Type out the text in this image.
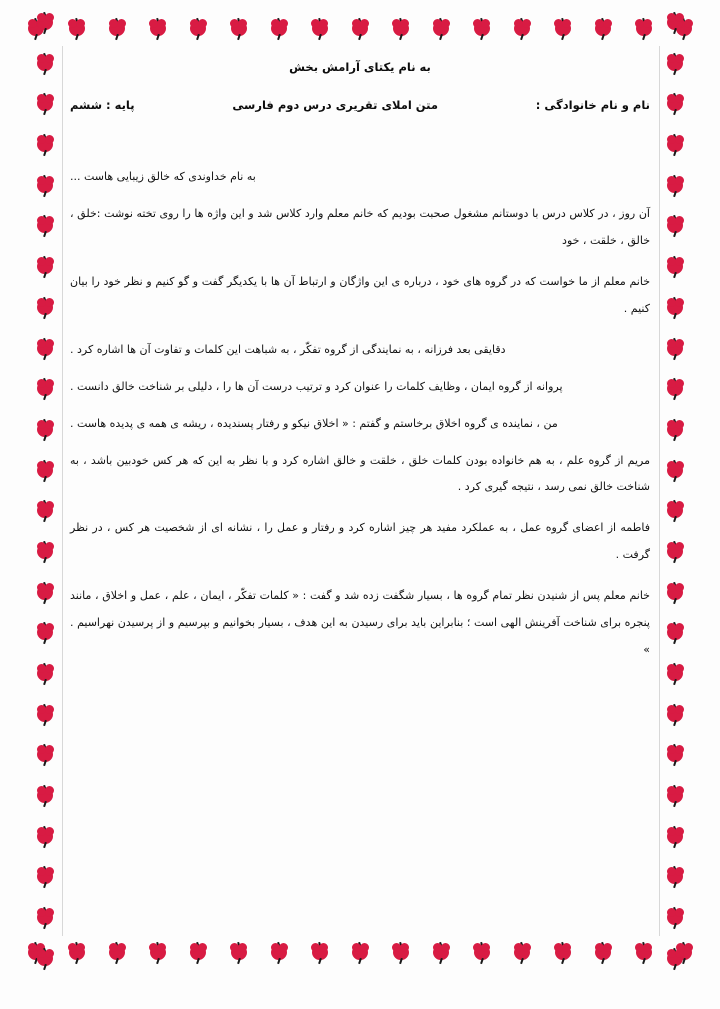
به نام یکتای آرامش بخش
نام و نام خانوادگی :
متن املای تقریری درس دوم فارسی
پایه : ششم

به نام خداوندی که خالق زیبایی هاست ...

آن روز ، در کلاس درس با دوستانم مشغول صحبت بودیم که خانم معلم وارد کلاس شد و این واژه ها را روی تخته نوشت :خلق ، خالق ، خلقت ، خود

خانم معلم از ما خواست که در گروه های خود ، درباره ی این واژگان و ارتباط آن ها با یکدیگر گفت و گو کنیم و نظر خود را بیان کنیم .

دقایقی بعد فرزانه ، به نمایندگی از گروه تفکّر ، به شباهت این کلمات و تفاوت آن ها اشاره کرد .

پروانه از گروه ایمان ، وظایف کلمات را عنوان کرد و ترتیب درست آن ها را ، دلیلی بر شناخت خالق دانست .

من ، نماینده ی گروه اخلاق برخاستم و گفتم : « اخلاق نیکو و رفتار پسندیده ، ریشه ی همه ی پدیده هاست .

مریم از گروه علم ، به هم خانواده بودن کلمات خلق ، خلقت و خالق اشاره کرد و با نظر به این که هر کس خودبین باشد ، به شناخت خالق نمی رسد ، نتیجه گیری کرد .

فاطمه از اعضای گروه عمل ، به عملکرد مفید هر چیز اشاره کرد و رفتار و عمل را ، نشانه ای از شخصیت هر کس ، در نظر گرفت .

خانم معلم پس از شنیدن نظر تمام گروه ها ، بسیار شگفت زده شد و گفت : « کلمات تفکّر ، ایمان ، علم ، عمل و اخلاق ، مانند پنجره برای شناخت آفرینش الهی است ؛ بنابراین باید برای رسیدن به این هدف ، بسیار بخوانیم و بپرسیم و از پرسیدن نهراسیم . »
